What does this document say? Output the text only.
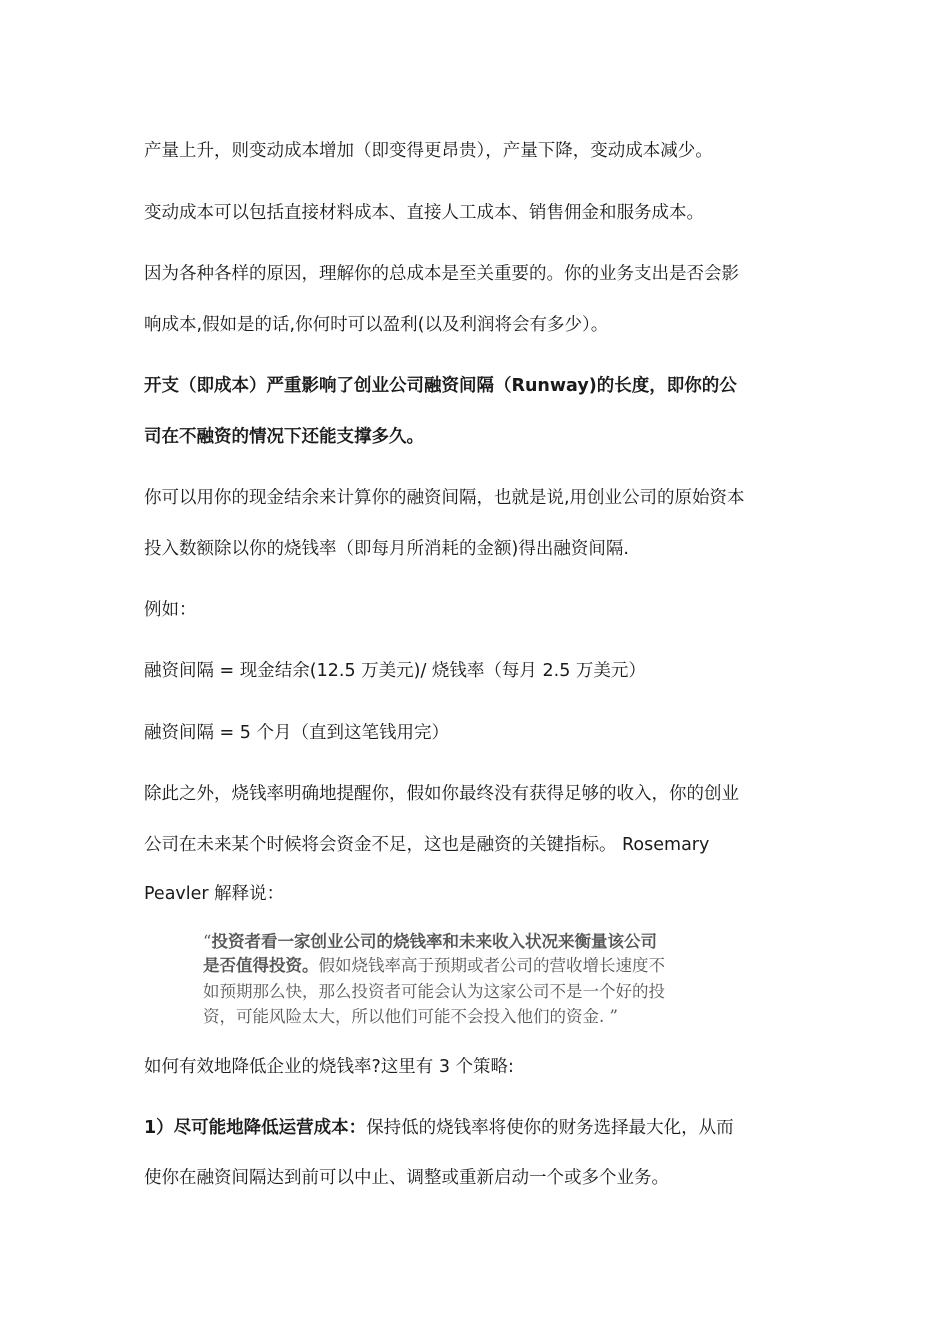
产量上升，则变动成本增加（即变得更昂贵），产量下降，变动成本减少。
变动成本可以包括直接材料成本、直接人工成本、销售佣金和服务成本。
因为各种各样的原因，理解你的总成本是至关重要的。你的业务支出是否会影
响成本,假如是的话,你何时可以盈利(以及利润将会有多少）。
开支（即成本）严重影响了创业公司融资间隔（Runway)的长度，即你的公
司在不融资的情况下还能支撑多久。
你可以用你的现金结余来计算你的融资间隔，也就是说,用创业公司的原始资本
投入数额除以你的烧钱率（即每月所消耗的金额)得出融资间隔.
例如：
融资间隔 = 现金结余(12.5 万美元)/ 烧钱率（每月 2.5 万美元）
融资间隔 = 5 个月（直到这笔钱用完）
除此之外，烧钱率明确地提醒你，假如你最终没有获得足够的收入，你的创业
公司在未来某个时候将会资金不足，这也是融资的关键指标。 Rosemary
Peavler 解释说：
“投资者看一家创业公司的烧钱率和未来收入状况来衡量该公司
是否值得投资。假如烧钱率高于预期或者公司的营收增长速度不
如预期那么快，那么投资者可能会认为这家公司不是一个好的投
资，可能风险太大，所以他们可能不会投入他们的资金. ”
如何有效地降低企业的烧钱率?这里有 3 个策略:
1）尽可能地降低运营成本：保持低的烧钱率将使你的财务选择最大化，从而
使你在融资间隔达到前可以中止、调整或重新启动一个或多个业务。
